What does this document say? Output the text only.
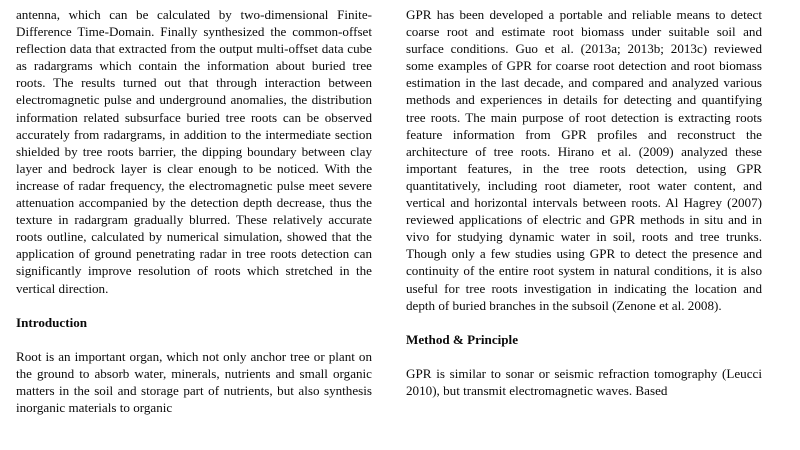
antenna, which can be calculated by two-dimensional Finite-Difference Time-Domain. Finally synthesized the common-offset reflection data that extracted from the output multi-offset data cube as radargrams which contain the information about buried tree roots. The results turned out that through interaction between electromagnetic pulse and underground anomalies, the distribution information related subsurface buried tree roots can be observed accurately from radargrams, in addition to the intermediate section shielded by tree roots barrier, the dipping boundary between clay layer and bedrock layer is clear enough to be noticed. With the increase of radar frequency, the electromagnetic pulse meet severe attenuation accompanied by the detection depth decrease, thus the texture in radargram gradually blurred. These relatively accurate roots outline, calculated by numerical simulation, showed that the application of ground penetrating radar in tree roots detection can significantly improve resolution of roots which stretched in the vertical direction.

Introduction

Root is an important organ, which not only anchor tree or plant on the ground to absorb water, minerals, nutrients and small organic matters in the soil and storage part of nutrients, but also synthesis inorganic materials to organic

GPR has been developed a portable and reliable means to detect coarse root and estimate root biomass under suitable soil and surface conditions. Guo et al. (2013a; 2013b; 2013c) reviewed some examples of GPR for coarse root detection and root biomass estimation in the last decade, and compared and analyzed various methods and experiences in details for detecting and quantifying tree roots. The main purpose of root detection is extracting roots feature information from GPR profiles and reconstruct the architecture of tree roots. Hirano et al. (2009) analyzed these important features, in the tree roots detection, using GPR quantitatively, including root diameter, root water content, and vertical and horizontal intervals between roots. Al Hagrey (2007) reviewed applications of electric and GPR methods in situ and in vivo for studying dynamic water in soil, roots and tree trunks. Though only a few studies using GPR to detect the presence and continuity of the entire root system in natural conditions, it is also useful for tree roots investigation in indicating the location and depth of buried branches in the subsoil (Zenone et al. 2008).

Method & Principle

GPR is similar to sonar or seismic refraction tomography (Leucci 2010), but transmit electromagnetic waves. Based
